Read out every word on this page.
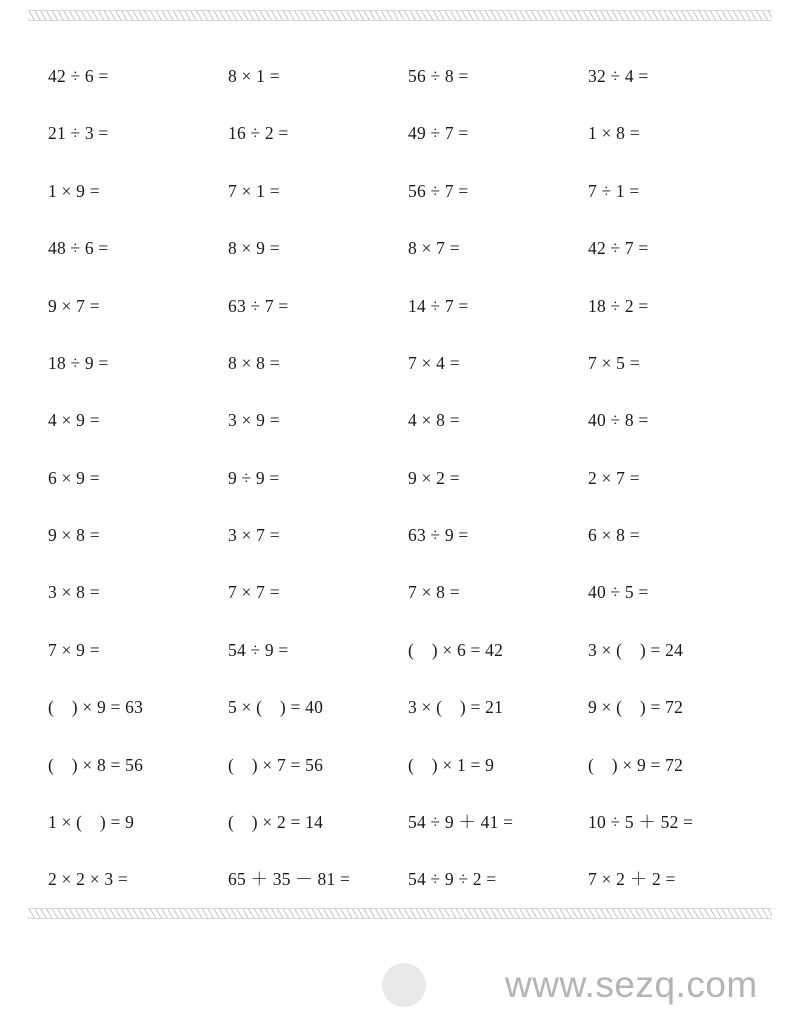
42 ÷ 6 =	8 × 1 =	56 ÷ 8 =	32 ÷ 4 =
21 ÷ 3 =	16 ÷ 2 =	49 ÷ 7 =	1 × 8 =
1 × 9 =	7 × 1 =	56 ÷ 7 =	7 ÷ 1 =
48 ÷ 6 =	8 × 9 =	8 × 7 =	42 ÷ 7 =
9 × 7 =	63 ÷ 7 =	14 ÷ 7 =	18 ÷ 2 =
18 ÷ 9 =	8 × 8 =	7 × 4 =	7 × 5 =
4 × 9 =	3 × 9 =	4 × 8 =	40 ÷ 8 =
6 × 9 =	9 ÷ 9 =	9 × 2 =	2 × 7 =
9 × 8 =	3 × 7 =	63 ÷ 9 =	6 × 8 =
3 × 8 =	7 × 7 =	7 × 8 =	40 ÷ 5 =
7 × 9 =	54 ÷ 9 =	(　) × 6 = 42	3 × (　) = 24
(　) × 9 = 63	5 × (　) = 40	3 × (　) = 21	9 × (　) = 72
(　) × 8 = 56	(　) × 7 = 56	(　) × 1 = 9	(　) × 9 = 72
1 × (　) = 9	(　) × 2 = 14	54 ÷ 9 ＋ 41 =	10 ÷ 5 ＋ 52 =
2 × 2 × 3 =	65 ＋ 35 － 81 =	54 ÷ 9 ÷ 2 =	7 × 2 ＋ 2 =
www.sezq.com
